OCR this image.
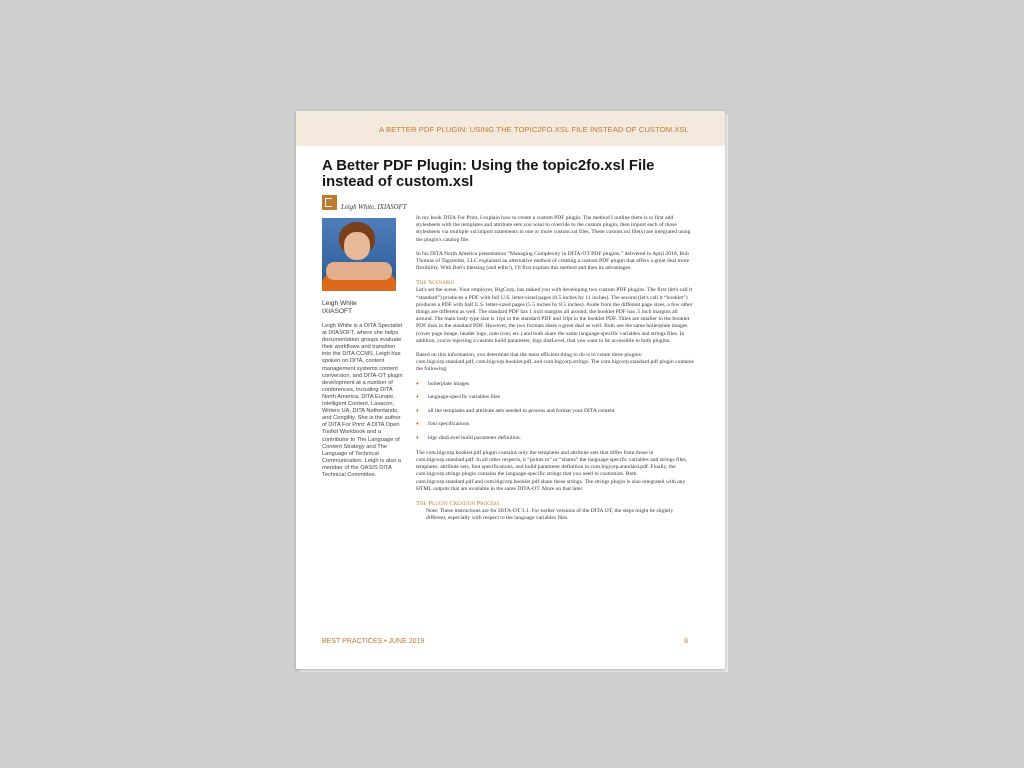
A BETTER PDF PLUGIN: USING THE TOPIC2FO.XSL FILE INSTEAD OF CUSTOM.XSL
A Better PDF Plugin: Using the topic2fo.xsl File instead of custom.xsl
Leigh White, IXIASOFT
Leigh White
IXIASOFT
Leigh White is a DITA Specialist at IXIASOFT, where she helps documentation groups evaluate their workflows and transition into the DITA CCMS. Leigh has spoken on DITA, content management systems content conversion, and DITA-OT plugin development at a number of conferences, including DITA North America, DITA Europe, Intelligent Content, Lavacon, Writers UA, DITA Netherlands, and Congility. She is the author of DITA For Print: A DITA Open Toolkit Workbook and a contributor to The Language of Content Strategy and The Language of Technical Communication. Leigh is also a member of the OASIS DITA Technical Committee.

In my book DITA For Print, I explain how to create a custom PDF plugin. The method I outline there is to first add stylesheets with the templates and attribute sets you want to override to the custom plugin; then import each of those stylesheets via multiple xsl:import statements in one or more custom.xsl files. These custom.xsl file(s) are integrated using the plugin's catalog file.

In his DITA North America presentation “Managing Complexity in DITA-OT PDF plugins,” delivered in April 2018, Bob Thomas of Tagsmiths, LLC explained an alternative method of creating a custom PDF plugin that offers a great deal more flexibility. With Bob's blessing (and edits!), I'll first explain this method and then its advantages.

The Scenario

Let's set the scene. Your employer, BigCorp, has tasked you with developing two custom PDF plugins. The first (let's call it “standard”) produces a PDF with full U.S. letter-sized pages (8.5 inches by 11 inches). The second (let's call it “booklet”) produces a PDF with half U.S. letter-sized pages (5.5 inches by 8.5 inches). Aside from the different page sizes, a few other things are different as well. The standard PDF has 1 inch margins all around; the booklet PDF has .5 inch margins all around. The main body type size is 11pt in the standard PDF and 10pt in the booklet PDF. Titles are smaller in the booklet PDF than in the standard PDF. However, the two formats share a great deal as well. Both use the same boilerplate images (cover page image, header logo, note icon, etc.) and both share the same language-specific variables and strings files. In addition, you're injecting a custom build parameter, bigc.distLevel, that you want to be accessible to both plugins.

Based on this information, you determine that the most efficient thing to do is to create three plugins: com.bigcorp.standard.pdf, com.bigcorp.booklet.pdf, and com.bigcorp.strings. The com.bigcorp.standard.pdf plugin contains the following:

♦ boilerplate images
♦ language-specific variables files
♦ all the templates and attribute sets needed to process and format your DITA content
♦ font specifications
♦ bigc.distLevel build parameter definition.

The com.bigcorp.booklet.pdf plugin contains only the templates and attribute sets that differ from those in com.bigcorp.standard.pdf. In all other respects, it “points to” or “shares” the language-specific variables and strings files, templates, attribute sets, font specifications, and build parameter definition in com.bigcorp.standard.pdf. Finally, the com.bigcorp.strings plugin contains the language-specific strings that you need to customize. Both com.bigcorp.standard.pdf and com.bigcorp.booklet.pdf share these strings. The strings plugin is also integrated with any HTML outputs that are available in the same DITA-OT. More on that later.

The Plugin Creation Process

Note: These instructions are for DITA-OT 3.1. For earlier versions of the DITA OT, the steps might be slightly different, especially with respect to the language variables files.

BEST PRACTICES • JUNE 2019	8
